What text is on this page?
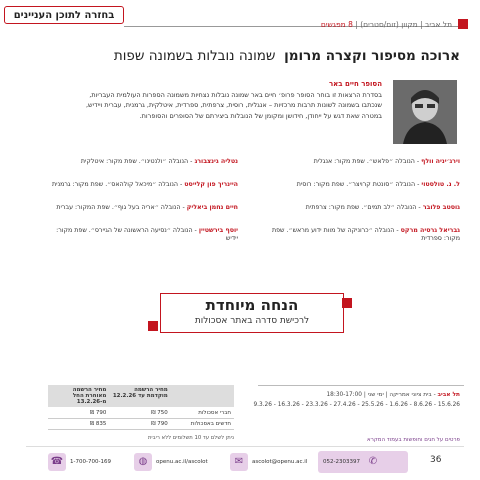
בחזרה לתוכן העניינים
תל אביב | מקוון (זום/סטרים) | 8 מפגשים
ארוכה מסיפור וקצרה מרומן  שמונה נובלות בשמונה שפות
הסופר חיים באר
בסדרת הרצאות זו בוחר הסופר פרופ׳ חיים באר שמונה נובלות נצחיות משמונה הספרות העולמית העבריות, שנכתבו בשמונה לשונות תרבות מרכזיות – אנגלית, רוסית, צרפתית, ספרדית, איטלקית, גרמנית, עברית ויידיש, במטרה שאת דגש על ייחודן, חידושן ומקומן של הנובלות ביצירתם של הסופרים והסופרות.
וירג׳יניה וולף - הנובלה ״פלאש״. שפת מקור: אנגלית
ל. נ. טולסטוי - הנובלה ״סונטת קרויצר״. שפת מקור: רוסית
גוסטב פלובר - הנובלה ״לב תמים״. שפת מקור: צרפתית
גבריאל גרסיה מרקס - הנובלה ״כרוניקה של מוות ידוע מראש״. שפת מקור: ספרדית
נטליה גינצבורג - הנובלה ״ולנטינו״. שפת מקור: איטלקית
היינריך פון קלייסט - הנובלה ״מיכאל קולהאס״. שפת מקור: גרמנית
חיים נחמן ביאליק - הנובלה ״אריה בעל גוף״. שפת המקור: עברית
יוסף בירשטיין - הנובלה ״נסיעה הראשונה של הגיירס״. שפת מקור: יידיש
הנחה מיוחדת
לרכישת סדרה באתר אסכולות
תל אביב - בית ציוני אמריקה | ימי שני | 18:30-17:00
15.6.26 - 8.6.26 - 1.6.26 - 25.5.26 - 27.4.26 - 23.3.26 - 16.3.26 - 9.3.26
	מחיר הרשמה מוקדמת עד 12.2.26	מחיר הרשמה מאוחרת החל מ-13.2.26
חברי אסכולות	750 ₪	790 ₪
חדשים באסכולות	790 ₪	835 ₪
ניתן לשלם עד 10 תשלומים ללא ריבית	פרטים על חגים וחופשות בעמוד המקרא
36
052-2303397 ✆
✉	ascolot@openu.ac.il
◍	openu.ac.il/ascolot
☎	1-700-700-169
